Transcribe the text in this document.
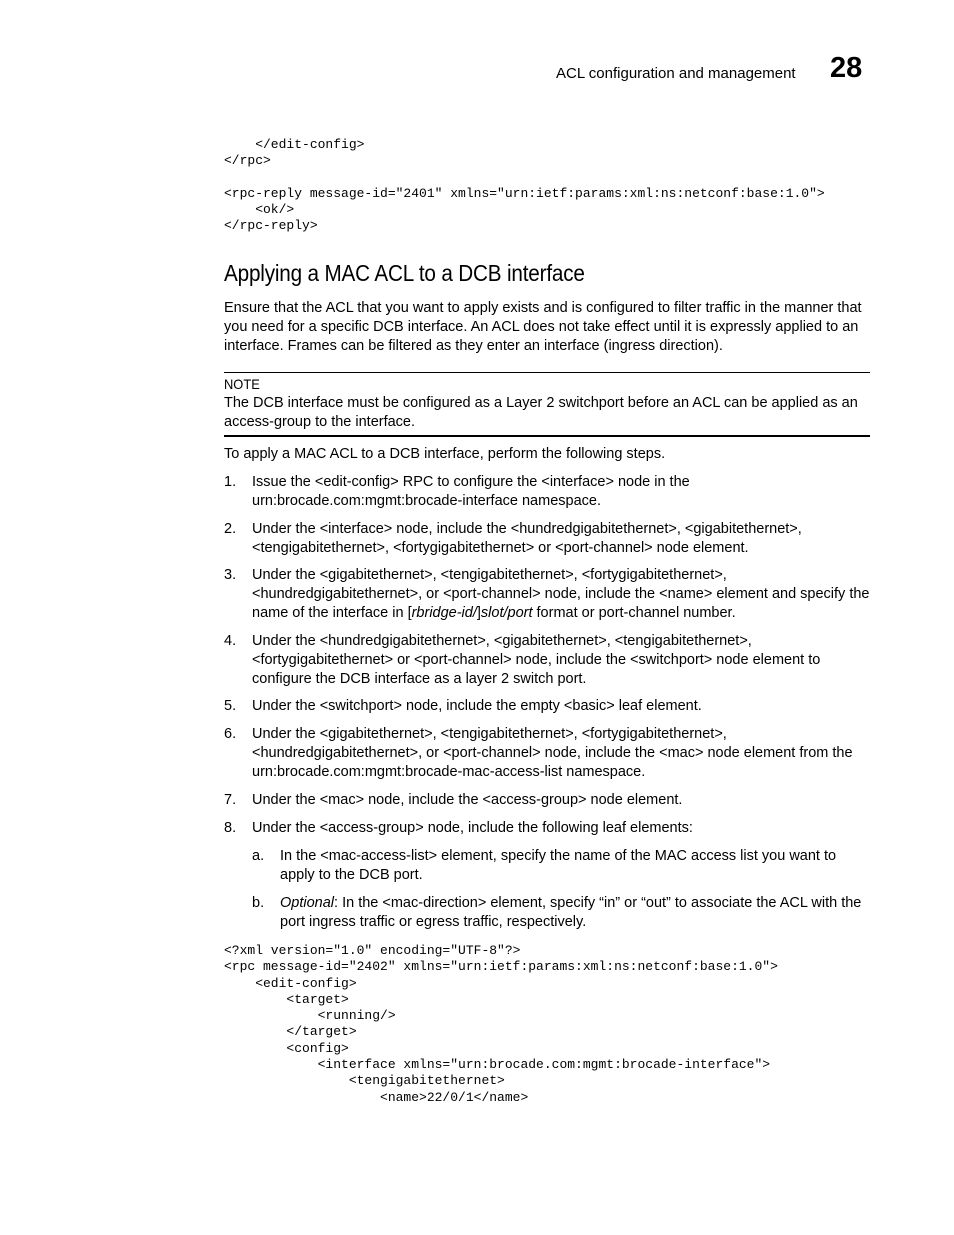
ACL configuration and management 28
</edit-config>
</rpc>

<rpc-reply message-id="2401" xmlns="urn:ietf:params:xml:ns:netconf:base:1.0">
<ok/>
</rpc-reply>
Applying a MAC ACL to a DCB interface

Ensure that the ACL that you want to apply exists and is configured to filter traffic in the manner that you need for a specific DCB interface. An ACL does not take effect until it is expressly applied to an interface. Frames can be filtered as they enter an interface (ingress direction).

NOTE
The DCB interface must be configured as a Layer 2 switchport before an ACL can be applied as an access-group to the interface.

To apply a MAC ACL to a DCB interface, perform the following steps.

1. Issue the <edit-config> RPC to configure the <interface> node in the urn:brocade.com:mgmt:brocade-interface namespace.
2. Under the <interface> node, include the <hundredgigabitethernet>, <gigabitethernet>, <tengigabitethernet>, <fortygigabitethernet> or <port-channel> node element.
3. Under the <gigabitethernet>, <tengigabitethernet>, <fortygigabitethernet>, <hundredgigabitethernet>, or <port-channel> node, include the <name> element and specify the name of the interface in [rbridge-id/]slot/port format or port-channel number.
4. Under the <hundredgigabitethernet>, <gigabitethernet>, <tengigabitethernet>, <fortygigabitethernet> or <port-channel> node, include the <switchport> node element to configure the DCB interface as a layer 2 switch port.
5. Under the <switchport> node, include the empty <basic> leaf element.
6. Under the <gigabitethernet>, <tengigabitethernet>, <fortygigabitethernet>, <hundredgigabitethernet>, or <port-channel> node, include the <mac> node element from the urn:brocade.com:mgmt:brocade-mac-access-list namespace.
7. Under the <mac> node, include the <access-group> node element.
8. Under the <access-group> node, include the following leaf elements:
a. In the <mac-access-list> element, specify the name of the MAC access list you want to apply to the DCB port.
b. Optional: In the <mac-direction> element, specify “in” or “out” to associate the ACL with the port ingress traffic or egress traffic, respectively.
<?xml version="1.0" encoding="UTF-8"?>
<rpc message-id="2402" xmlns="urn:ietf:params:xml:ns:netconf:base:1.0">
<edit-config>
<target>
<running/>
</target>
<config>
<interface xmlns="urn:brocade.com:mgmt:brocade-interface">
<tengigabitethernet>
<name>22/0/1</name>
